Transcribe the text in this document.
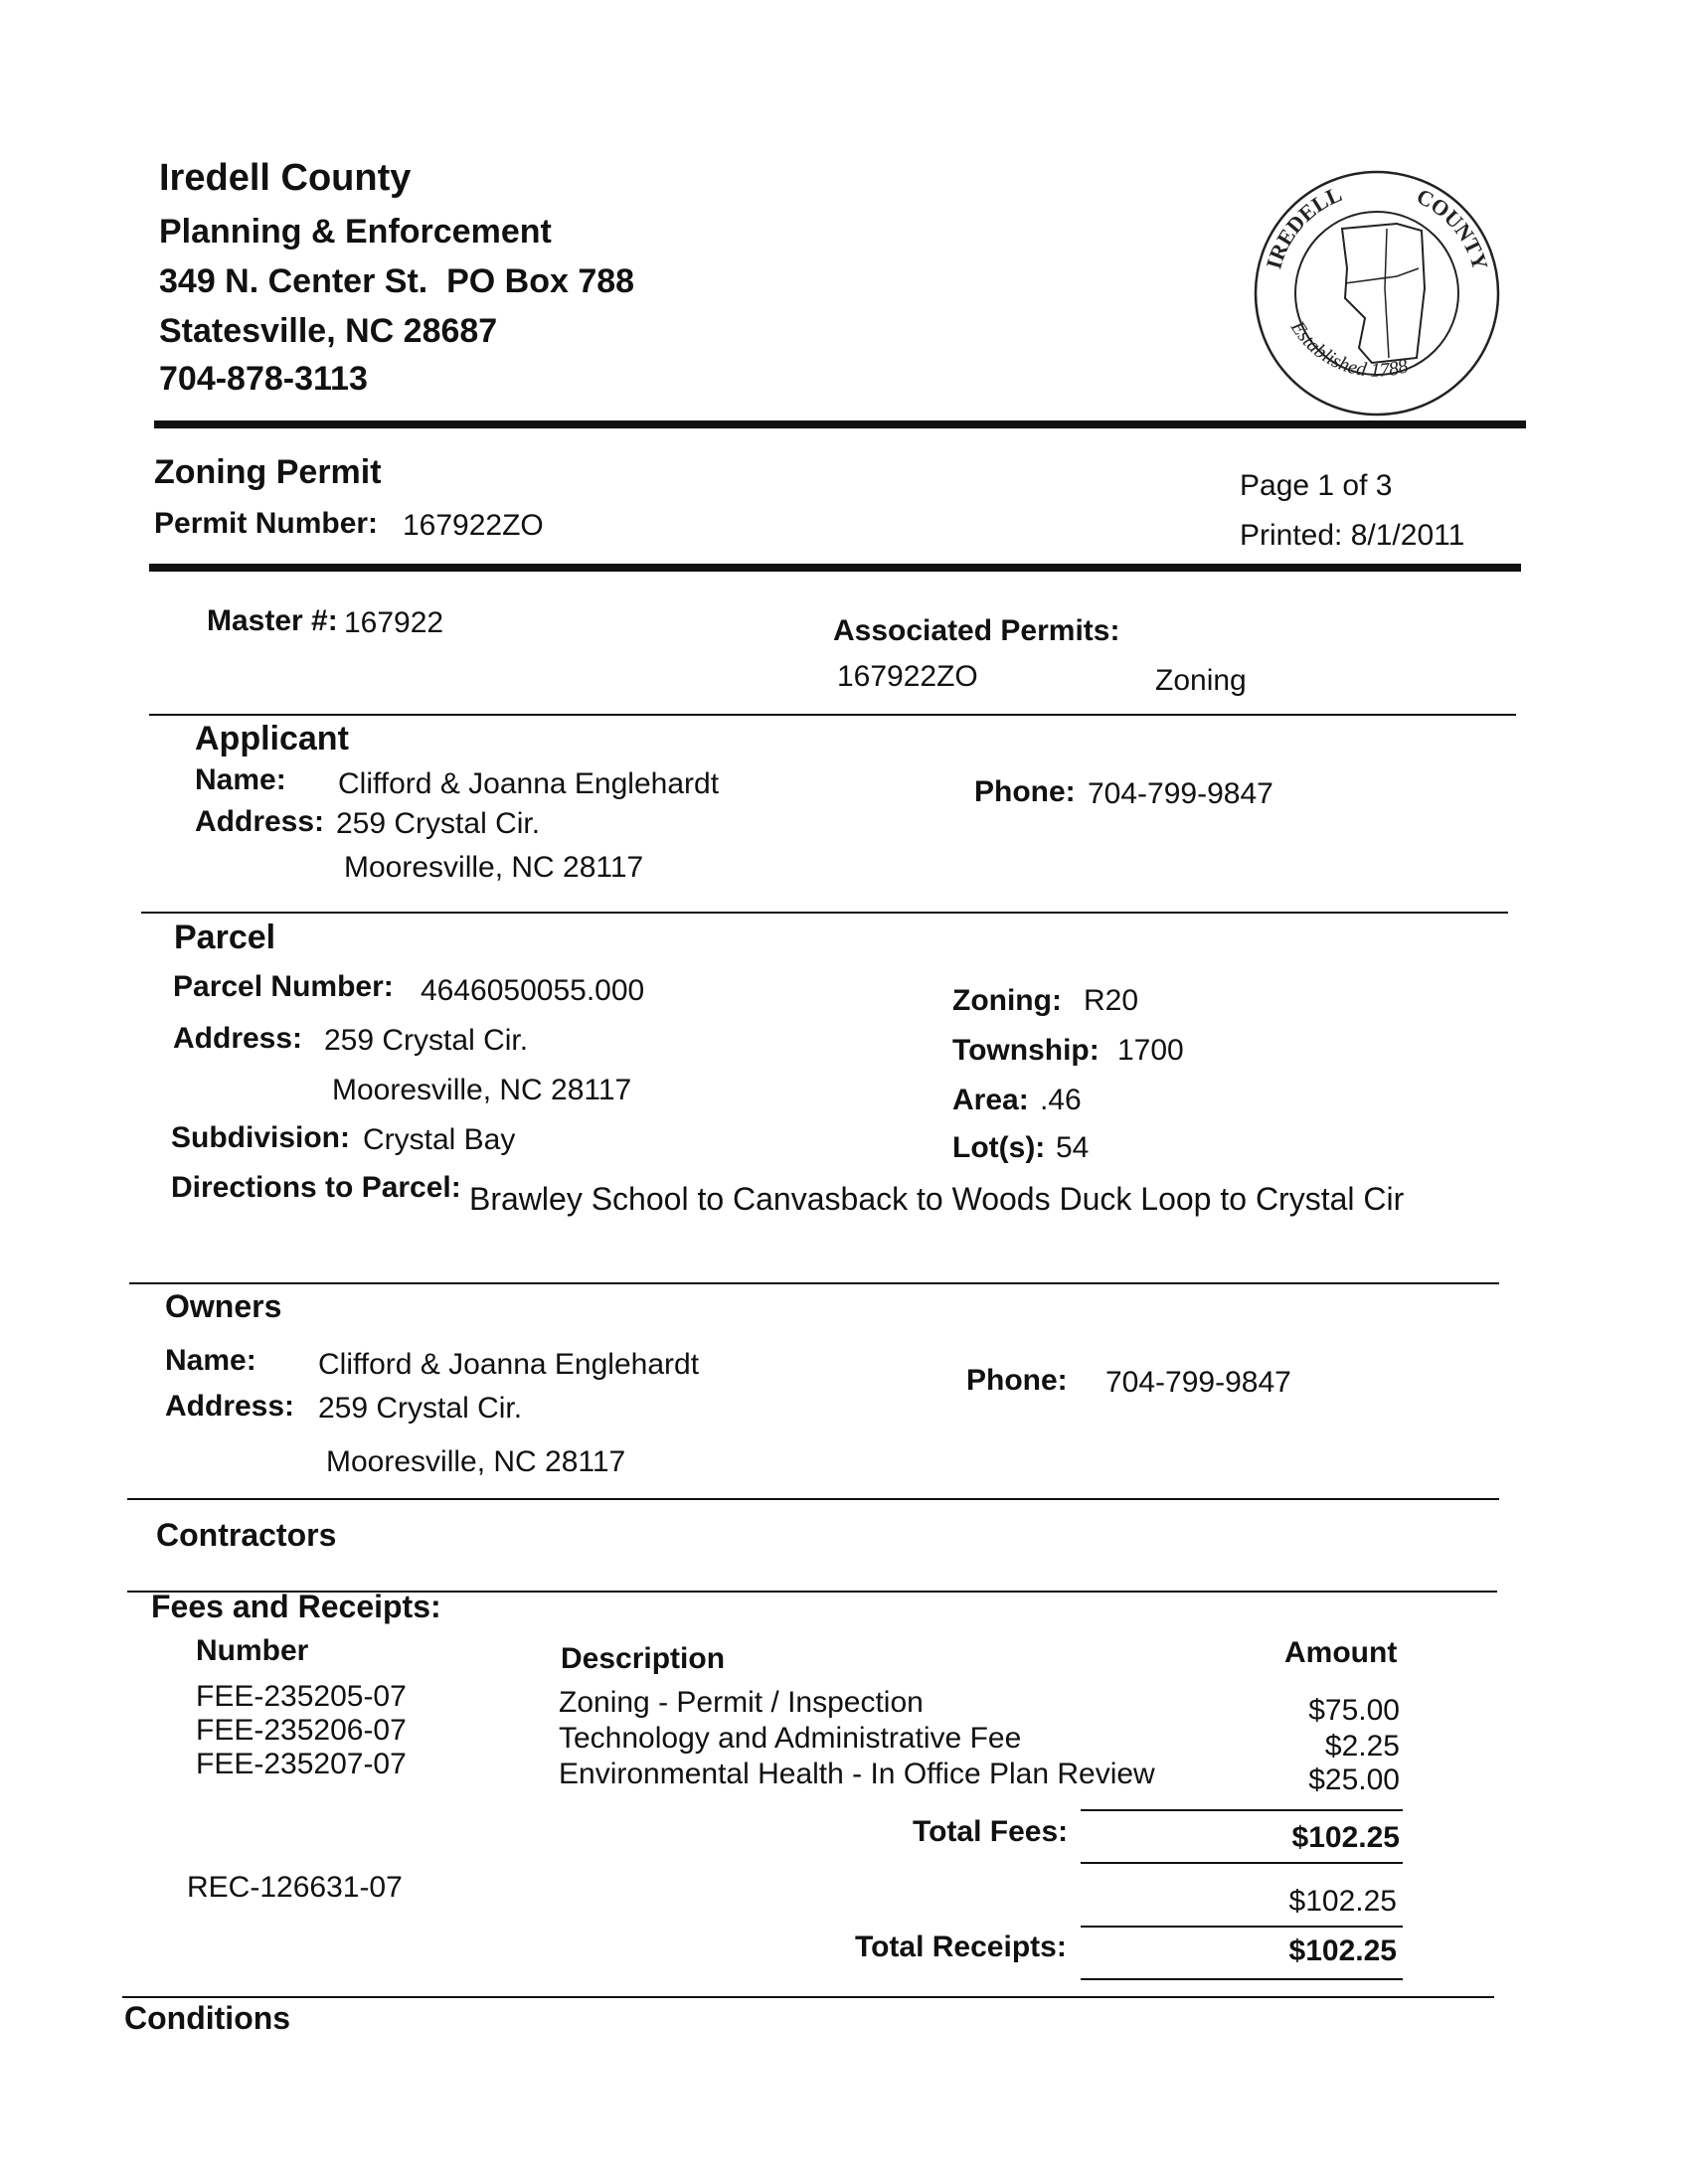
Iredell County
Planning & Enforcement
349 N. Center St.  PO Box 788
Statesville, NC 28687
704-878-3113
IREDELL	COUNTY
Established 1788
Zoning Permit
Permit Number: 167922ZO
Page 1 of 3
Printed: 8/1/2011
Master #: 167922	Associated Permits:
167922ZO	Zoning
Applicant
Name: Clifford & Joanna Englehardt
Address: 259 Crystal Cir.
Mooresville, NC 28117
Phone: 704-799-9847
Parcel
Parcel Number: 4646050055.000
Address: 259 Crystal Cir.
Mooresville, NC 28117
Subdivision: Crystal Bay
Zoning: R20
Township: 1700
Area: .46
Lot(s): 54
Directions to Parcel: Brawley School to Canvasback to Woods Duck Loop to Crystal Cir
Owners
Name: Clifford & Joanna Englehardt
Address: 259 Crystal Cir.
Mooresville, NC 28117
Phone: 704-799-9847
Contractors
Fees and Receipts:
Number	Description	Amount
FEE-235205-07	Zoning - Permit / Inspection	$75.00
FEE-235206-07	Technology and Administrative Fee	$2.25
FEE-235207-07	Environmental Health - In Office Plan Review	$25.00
Total Fees:	$102.25
REC-126631-07	$102.25
Total Receipts:	$102.25
Conditions
